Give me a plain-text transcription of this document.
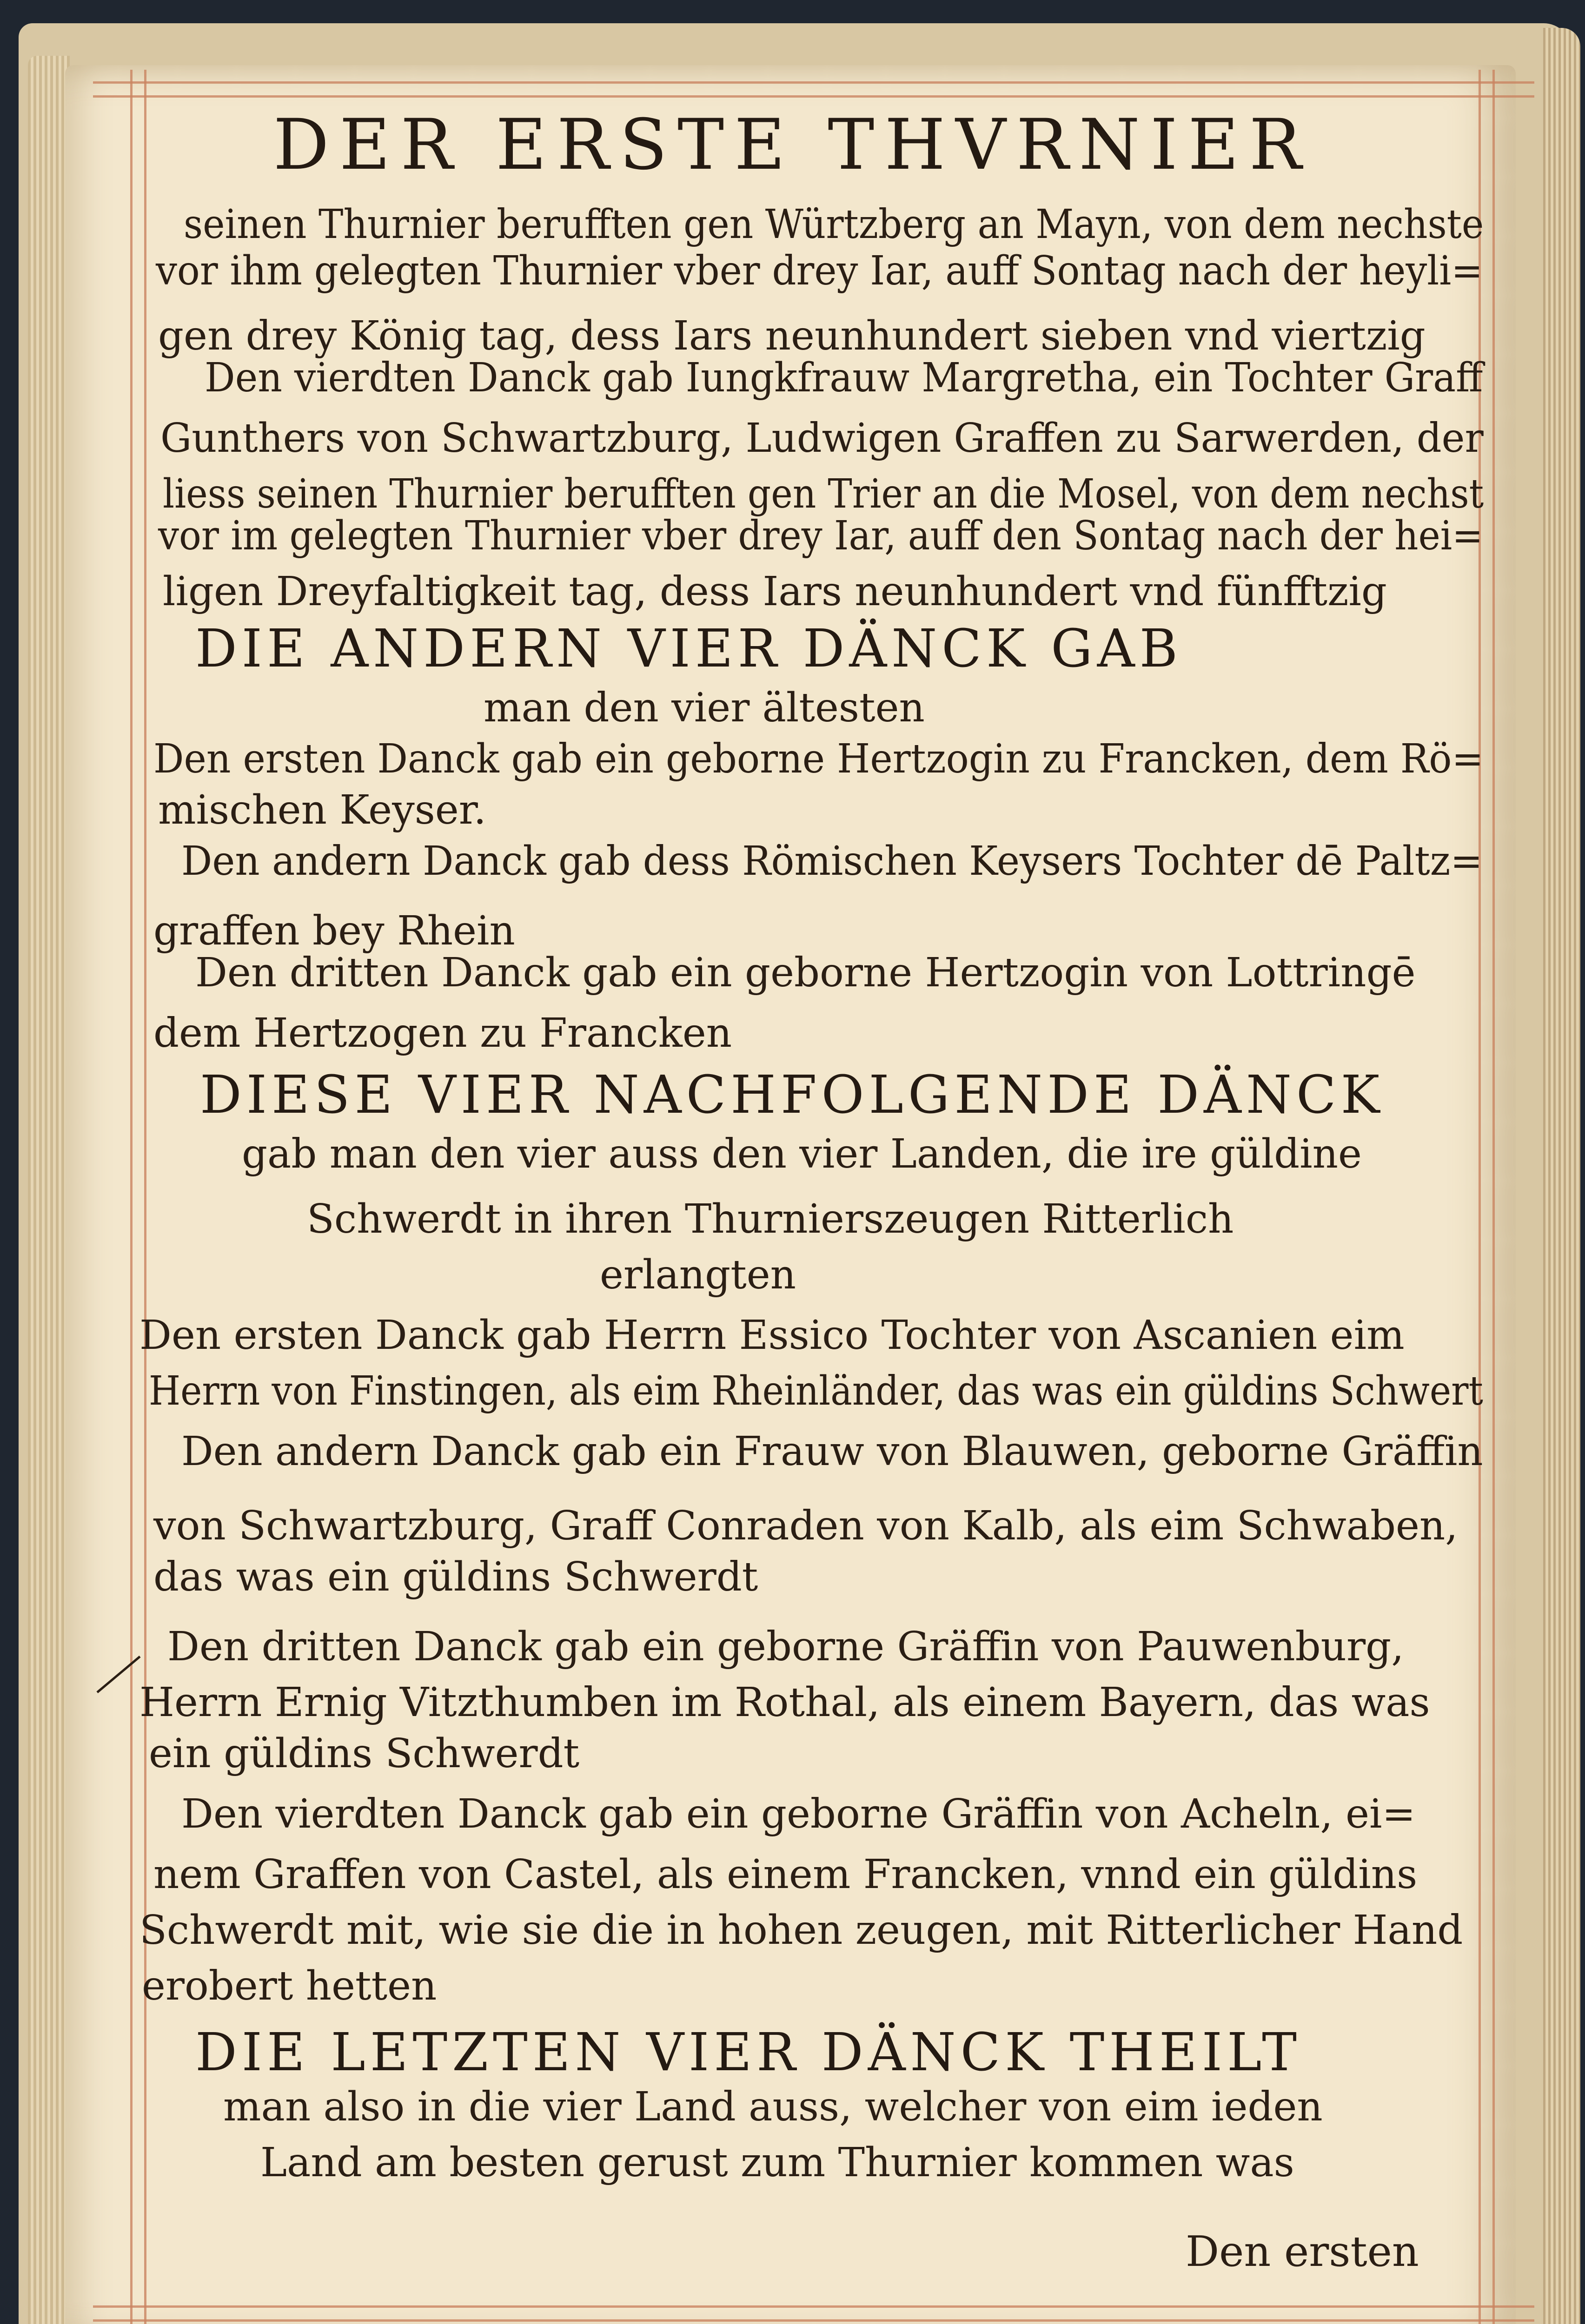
DER ERSTE THVRNIER
seinen Thurnier berufften gen Würtzberg an Mayn, von dem nechste
vor ihm gelegten Thurnier vber drey Iar, auff Sontag nach der heyli=
gen drey König tag, dess Iars neunhundert sieben vnd viertzig
Den vierdten Danck gab Iungkfrauw Margretha, ein Tochter Graff
Gunthers von Schwartzburg, Ludwigen Graffen zu Sarwerden, der
liess seinen Thurnier berufften gen Trier an die Mosel, von dem nechst
vor im gelegten Thurnier vber drey Iar, auff den Sontag nach der hei=
ligen Dreyfaltigkeit tag, dess Iars neunhundert vnd fünfftzig
DIE ANDERN VIER DÄNCK GAB
man den vier ältesten
Den ersten Danck gab ein geborne Hertzogin zu Francken, dem Rö=
mischen Keyser.
Den andern Danck gab dess Römischen Keysers Tochter dē Paltz=
graffen bey Rhein
Den dritten Danck gab ein geborne Hertzogin von Lottringē
dem Hertzogen zu Francken
DIESE VIER NACHFOLGENDE DÄNCK
gab man den vier auss den vier Landen, die ire güldine
Schwerdt in ihren Thurnierszeugen Ritterlich
erlangten
Den ersten Danck gab Herrn Essico Tochter von Ascanien eim
Herrn von Finstingen, als eim Rheinländer, das was ein güldins Schwert
Den andern Danck gab ein Frauw von Blauwen, geborne Gräffin
von Schwartzburg, Graff Conraden von Kalb, als eim Schwaben,
das was ein güldins Schwerdt
Den dritten Danck gab ein geborne Gräffin von Pauwenburg,
Herrn Ernig Vitzthumben im Rothal, als einem Bayern, das was
ein güldins Schwerdt
Den vierdten Danck gab ein geborne Gräffin von Acheln, ei=
nem Graffen von Castel, als einem Francken, vnnd ein güldins
Schwerdt mit, wie sie die in hohen zeugen, mit Ritterlicher Hand
erobert hetten
DIE LETZTEN VIER DÄNCK THEILT
man also in die vier Land auss, welcher von eim ieden
Land am besten gerust zum Thurnier kommen was
Den ersten
